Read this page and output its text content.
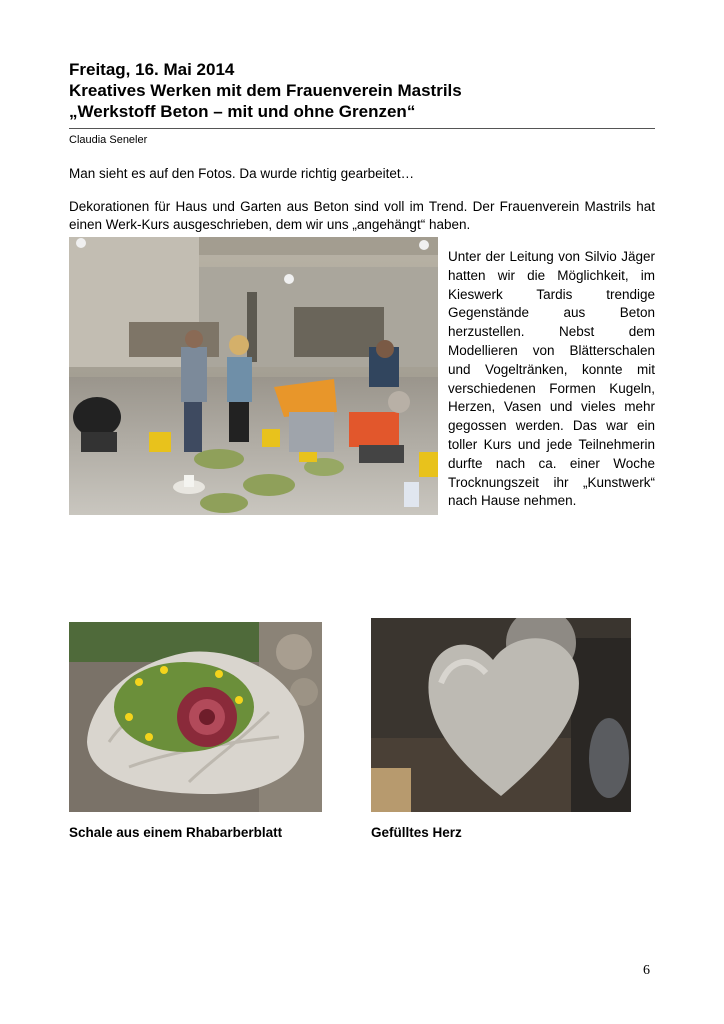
Freitag, 16. Mai 2014
Kreatives Werken mit dem Frauenverein Mastrils
„Werkstoff Beton – mit und ohne Grenzen“
Claudia Seneler
Man sieht es auf den Fotos. Da wurde richtig gearbeitet…
Dekorationen für Haus und Garten aus Beton sind voll im Trend. Der Frauenverein Mastrils hat einen Werk-Kurs ausgeschrieben, dem wir uns „angehängt“ haben.
Unter der Leitung von Silvio Jäger hatten wir die Möglichkeit, im Kieswerk Tardis trendige Gegenstände aus Beton herzustellen. Nebst dem Modellieren von Blätterschalen und Vogeltränken, konnte mit verschiedenen Formen Kugeln, Herzen, Vasen und vieles mehr gegossen werden. Das war ein toller Kurs und jede Teilnehmerin durfte nach ca. einer Woche Trocknungszeit ihr „Kunstwerk“ nach Hause nehmen.
Schale aus einem Rhabarberblatt	Gefülltes Herz
6
